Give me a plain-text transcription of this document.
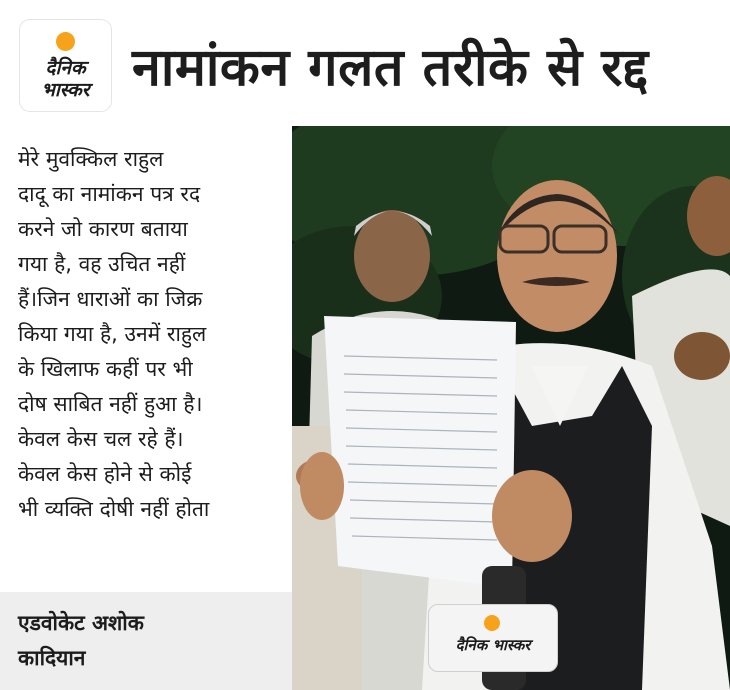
दैनिक
भास्कर नामांकन गलत तरीके से रद्द

मेरे मुवक्किल राहुल

दादू का नामांकन पत्र रद

करने जो कारण बताया

गया है, वह उचित नहीं

हैं।जिन धाराओं का जिक्र

किया गया है, उनमें राहुल

के खिलाफ कहीं पर भी

दोष साबित नहीं हुआ है।

केवल केस चल रहे हैं।

केवल केस होने से कोई

भी व्यक्ति दोषी नहीं होता

एडवोकेट अशोक
कादियान
दैनिक भास्कर
